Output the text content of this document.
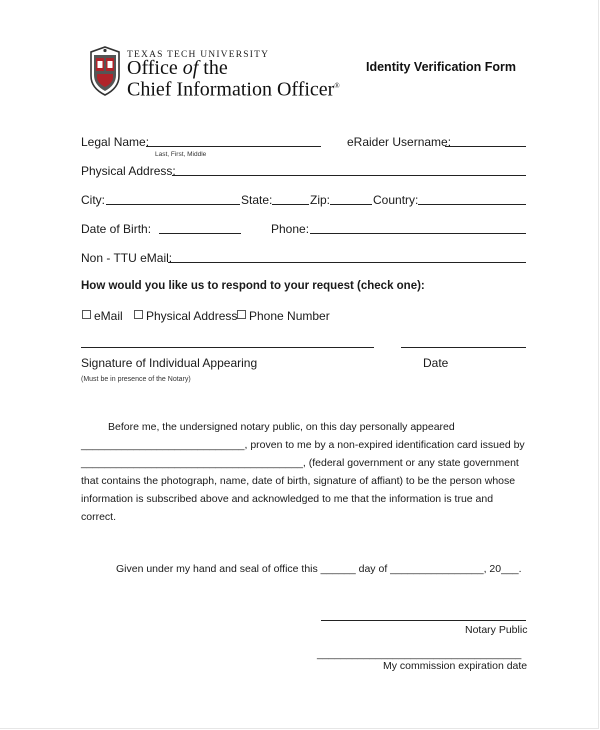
TEXAS TECH UNIVERSITY
Office of the
Chief Information Officer®
Identity Verification Form
Legal Name:
Last, First, Middle
eRaider Username:
Physical Address:
City:	State:	Zip:	Country:
Date of Birth:	Phone:
Non - TTU eMail:
How would you like us to respond to your request (check one):
eMail Physical Address Phone Number
Signature of Individual Appearing	Date
(Must be in presence of the Notary)
Before me, the undersigned notary public, on this day personally appeared
____________________________, proven to me by a non-expired identification card issued by
______________________________________, (federal government or any state government
that contains the photograph, name, date of birth, signature of affiant) to be the person whose
information is subscribed above and acknowledged to me that the information is true and
correct.
Given under my hand and seal of office this ______ day of ________________, 20___.
Notary Public
___________________________________
My commission expiration date
